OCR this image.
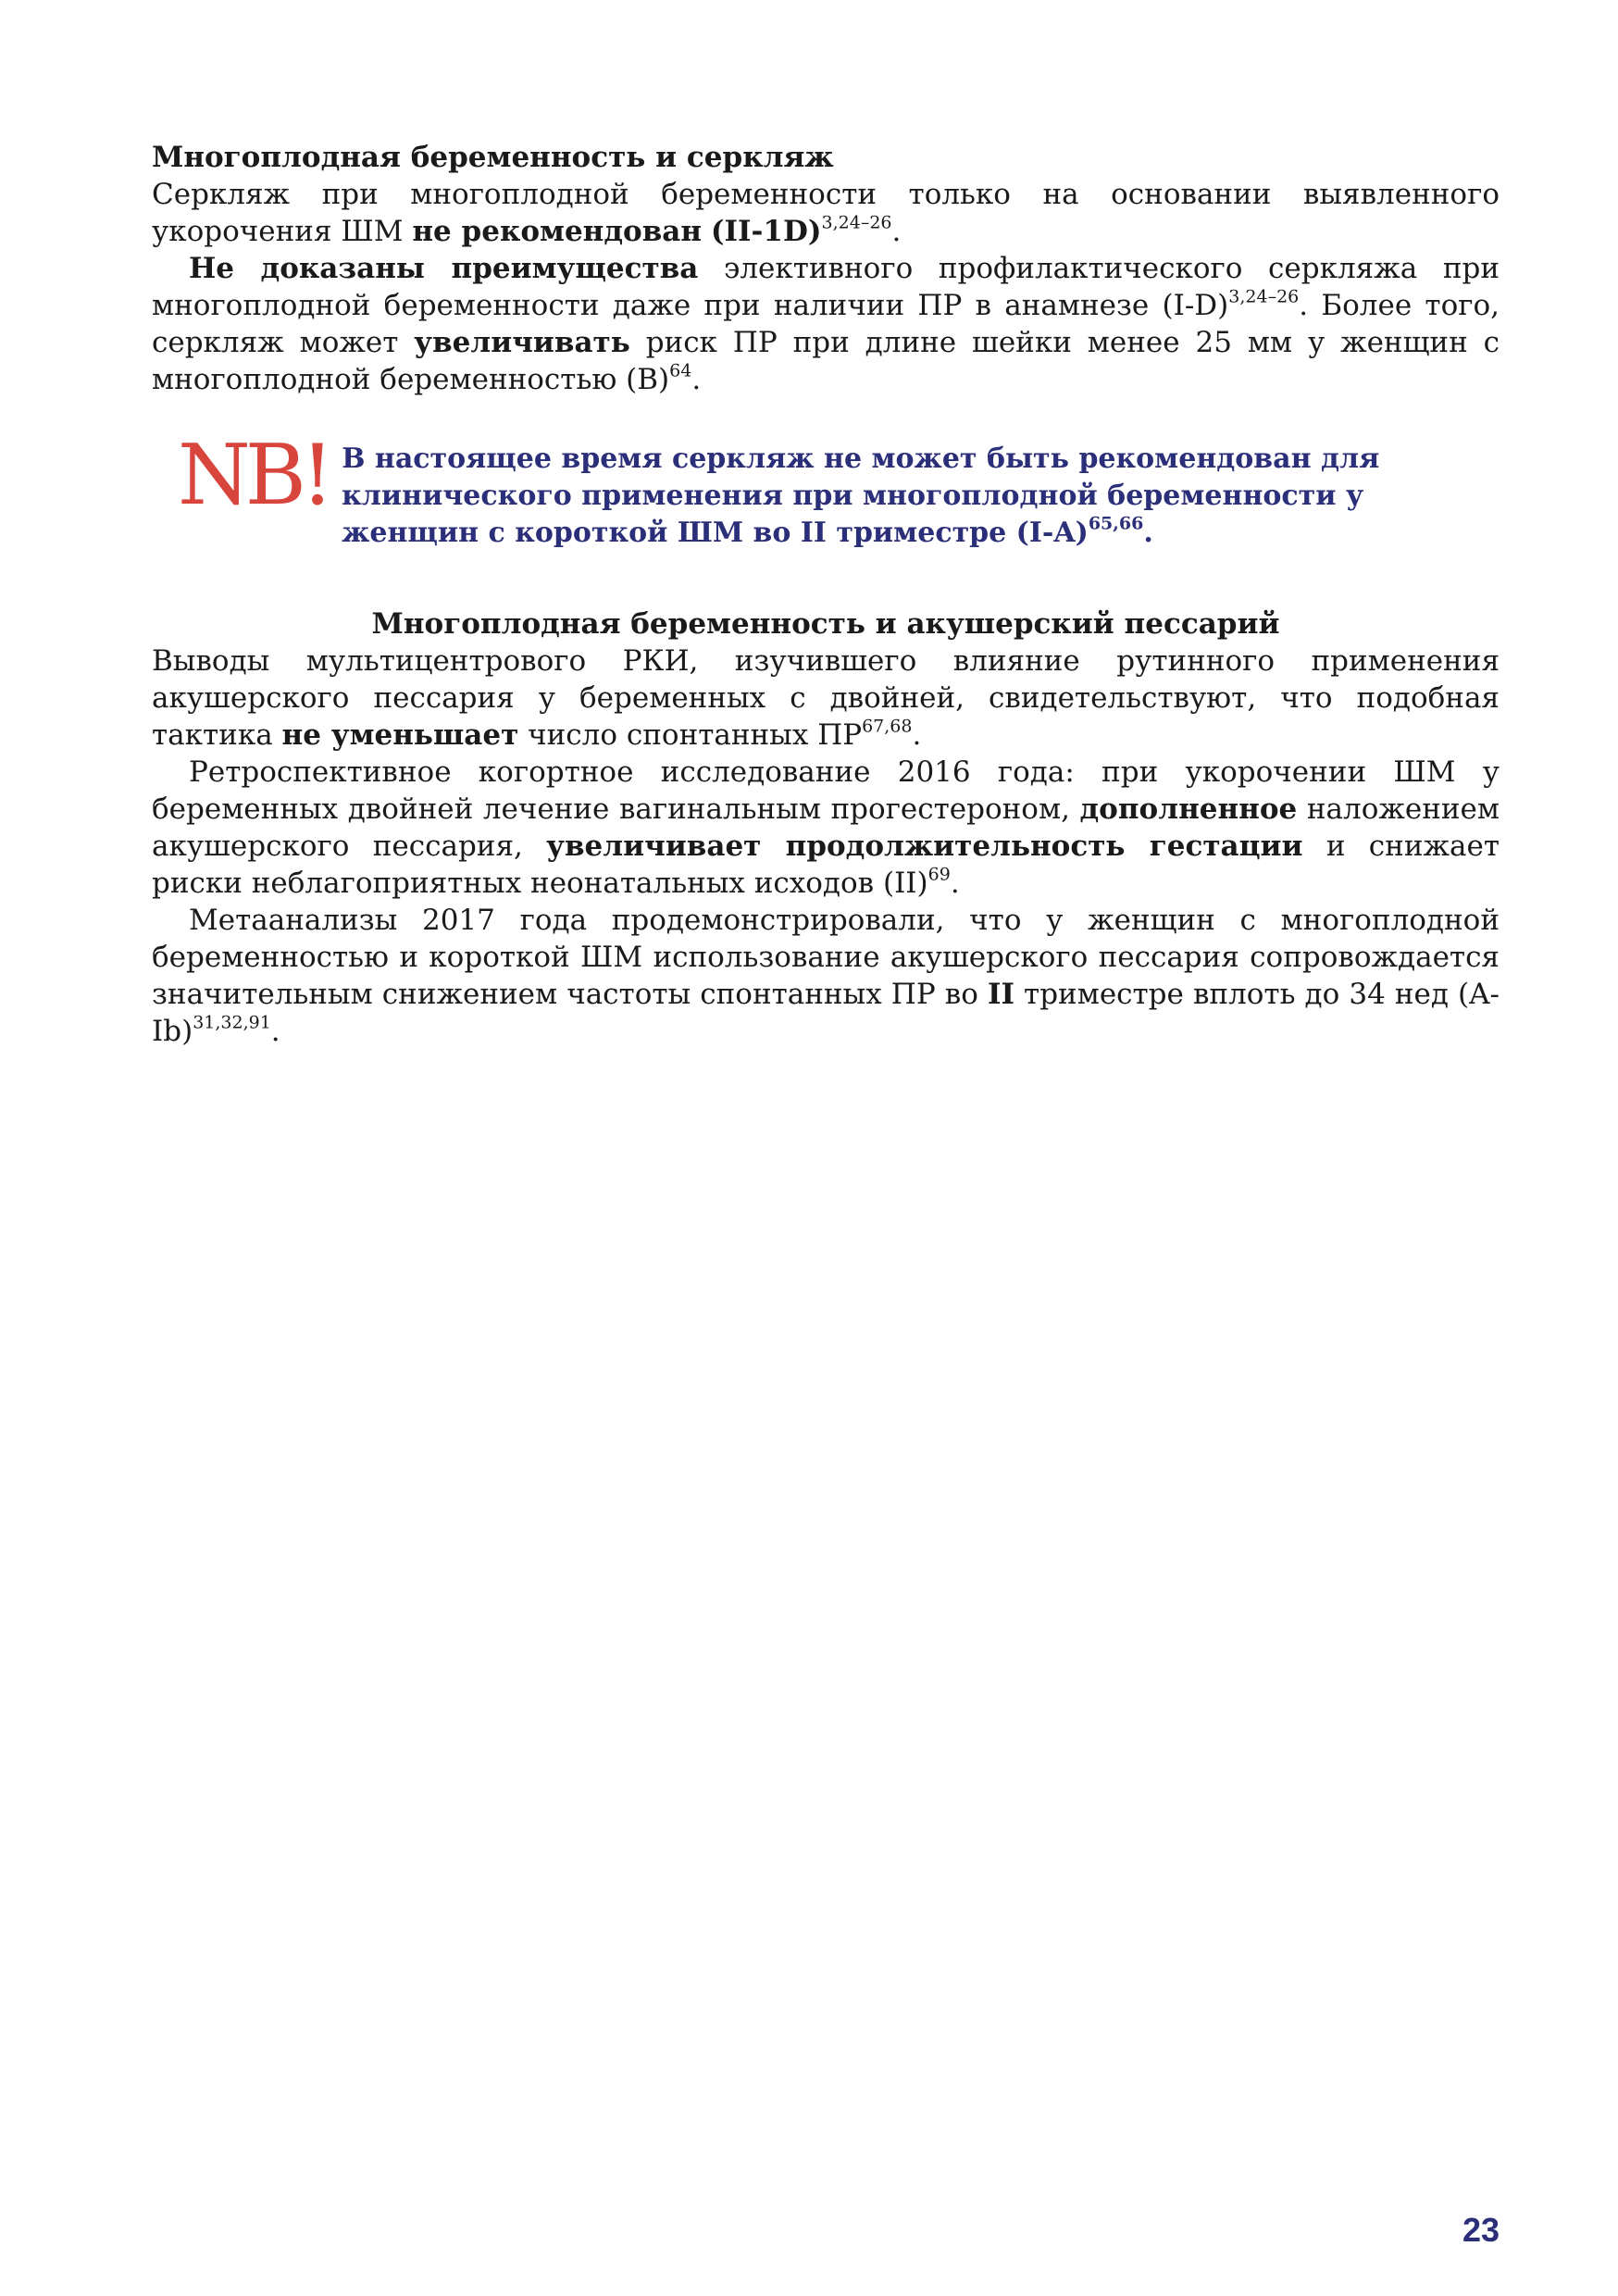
Многоплодная беременность и серкляж

Серкляж при многоплодной беременности только на основании выявленного укорочения ШМ не рекомендован $(II-1D)^{3,24-26}$.

Не доказаны преимущества элективного профилактического серкляжа при многоплодной беременности даже при наличии ПР в анамнезе $(I-D)^{3,24-26}$. Более того, серкляж может увеличивать риск ПР при длине шейки менее 25 мм у женщин с многоплодной беременностью $(B)^{64}$.

NB! В настоящее время серкляж не может быть рекомендован для клинического применения при многоплодной беременности у женщин с короткой ШМ во II триместре $(I-A)^{65,66}$.
Многоплодная беременность и акушерский пессарий

Выводы мультицентрового РКИ, изучившего влияние рутинного применения акушерского пессария у беременных с двойней, свидетельствуют, что подобная тактика не уменьшает число спонтанных ПР$^{67,68}$.

Ретроспективное когортное исследование 2016 года: при укорочении ШМ у беременных двойней лечение вагинальным прогестероном, дополненное наложением акушерского пессария, увеличивает продолжительность гестации и снижает риски неблагоприятных неонатальных исходов (II)$^{69}$.

Метаанализы 2017 года продемонстрировали, что у женщин с многоплодной беременностью и короткой ШМ использование акушерского пессария сопровождается значительным снижением частоты спонтанных ПР во II триместре вплоть до 34 нед $(A-Ib)^{31,32,91}$.

23
